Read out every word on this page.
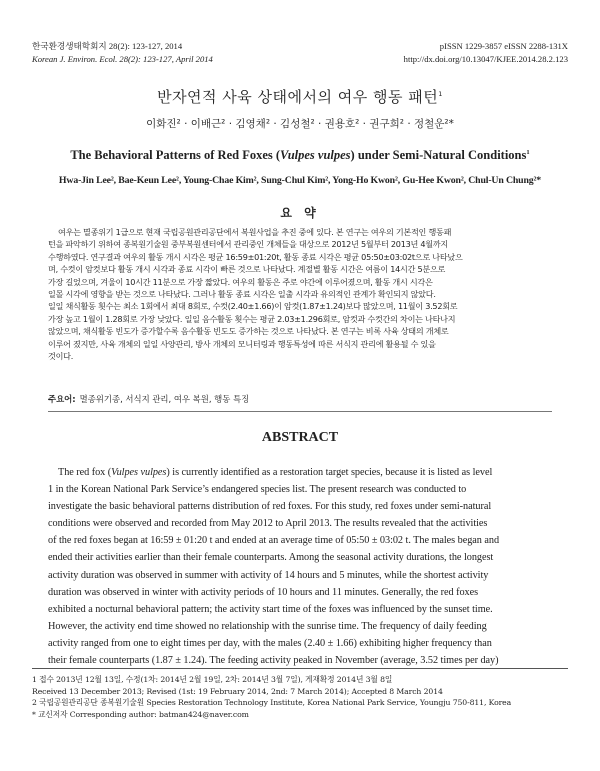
한국환경생태학회지 28(2): 123-127, 2014
Korean J. Environ. Ecol. 28(2): 123-127, April 2014
pISSN 1229-3857 eISSN 2288-131X
http://dx.doi.org/10.13047/KJEE.2014.28.2.123
반자연적 사육 상태에서의 여우 행동 패턴$^1$
이화진² · 이배근² · 김영채² · 김성철² · 권용호² · 권구희² · 정철운²*
The Behavioral Patterns of Red Foxes (Vulpes vulpes) under Semi-Natural Conditions$^1$
Hwa-Jin Lee², Bae-Keun Lee², Young-Chae Kim², Sung-Chul Kim², Yong-Ho Kwon², Gu-Hee Kwon², Chul-Un Chung²*
요 약
여우는 멸종위기 1급으로 현재 국립공원관리공단에서 복원사업을 추진 중에 있다. 본 연구는 여우의 기본적인 행동패
턴을 파악하기 위하여 종복원기술원 중부복원센터에서 관리중인 개체들을 대상으로 2012년 5월부터 2013년 4월까지
수행하였다. 연구결과 여우의 활동 개시 시각은 평균 16:59±01:20t, 활동 종료 시각은 평균 05:50±03:02t으로 나타났으
며, 수컷이 암컷보다 활동 개시 시각과 종료 시각이 빠른 것으로 나타났다. 계절별 활동 시간은 여름이 14시간 5분으로
가장 길었으며, 겨울이 10시간 11분으로 가장 짧았다. 여우의 활동은 주로 야간에 이루어졌으며, 활동 개시 시각은
일몰 시각에 영향을 받는 것으로 나타났다. 그러나 활동 종료 시각은 일출 시각과 유의적인 관계가 확인되지 않았다.
일일 채식활동 횟수는 최소 1회에서 최대 8회로, 수컷(2.40±1.66)이 암컷(1.87±1.24)보다 많았으며, 11월이 3.52회로
가장 높고 1월이 1.28회로 가장 낮았다. 일일 음수활동 횟수는 평균 2.03±1.296회로, 암컷과 수컷간의 차이는 나타나지
않았으며, 채식활동 빈도가 증가할수록 음수활동 빈도도 증가하는 것으로 나타났다. 본 연구는 비록 사육 상태의 개체로
이루어 졌지만, 사육 개체의 일일 사양관리, 방사 개체의 모니터링과 행동특성에 따른 서식지 관리에 활용될 수 있을
것이다.
주요어: 멸종위기종, 서식지 관리, 여우 복원, 행동 특징
ABSTRACT
The red fox (Vulpes vulpes) is currently identified as a restoration target species, because it is listed as level
1 in the Korean National Park Service’s endangered species list. The present research was conducted to
investigate the basic behavioral patterns distribution of red foxes. For this study, red foxes under semi-natural
conditions were observed and recorded from May 2012 to April 2013. The results revealed that the activities
of the red foxes began at 16:59 ± 01:20 t and ended at an average time of 05:50 ± 03:02 t. The males began and
ended their activities earlier than their female counterparts. Among the seasonal activity durations, the longest
activity duration was observed in summer with activity of 14 hours and 5 minutes, while the shortest activity
duration was observed in winter with activity periods of 10 hours and 11 minutes. Generally, the red foxes
exhibited a nocturnal behavioral pattern; the activity start time of the foxes was influenced by the sunset time.
However, the activity end time showed no relationship with the sunrise time. The frequency of daily feeding
activity ranged from one to eight times per day, with the males (2.40 ± 1.66) exhibiting higher frequency than
their female counterparts (1.87 ± 1.24). The feeding activity peaked in November (average, 3.52 times per day)
1 접수 2013년 12월 13일, 수정(1차: 2014년 2월 19일, 2차: 2014년 3월 7일), 게재확정 2014년 3월 8일
Received 13 December 2013; Revised (1st: 19 February 2014, 2nd: 7 March 2014); Accepted 8 March 2014
2 국립공원관리공단 종복원기술원 Species Restoration Technology Institute, Korea National Park Service, Youngju 750-811, Korea
* 교신저자 Corresponding author: batman424@naver.com
